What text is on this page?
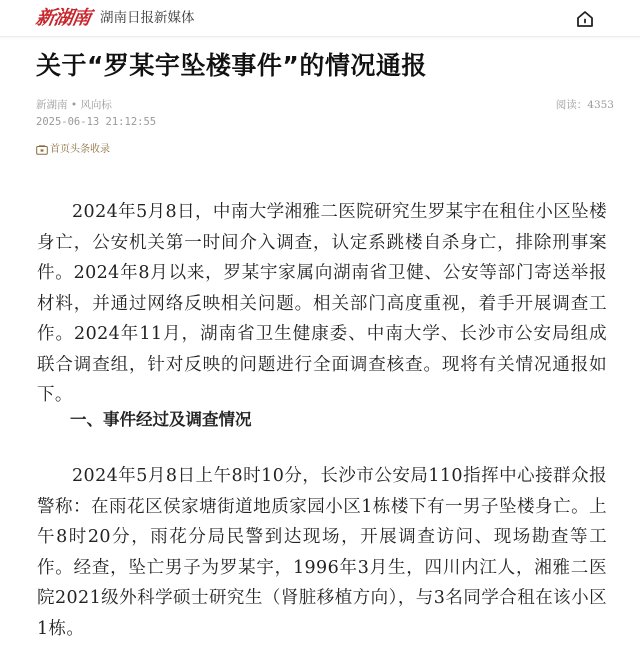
新湖南 湖南日报新媒体
关于“罗某宇坠楼事件”的情况通报
新湖南 • 风向标
2025-06-13 21:12:55
阅读：4353
首页头条收录

2024年5月8日，中南大学湘雅二医院研究生罗某宇在租住小区坠楼身亡，公安机关第一时间介入调查，认定系跳楼自杀身亡，排除刑事案件。2024年8月以来，罗某宇家属向湖南省卫健、公安等部门寄送举报材料，并通过网络反映相关问题。相关部门高度重视，着手开展调查工作。2024年11月，湖南省卫生健康委、中南大学、长沙市公安局组成联合调查组，针对反映的问题进行全面调查核查。现将有关情况通报如下。

一、事件经过及调查情况

2024年5月8日上午8时10分，长沙市公安局110指挥中心接群众报警称：在雨花区侯家塘街道地质家园小区1栋楼下有一男子坠楼身亡。上午8时20分，雨花分局民警到达现场，开展调查访问、现场勘查等工作。经查，坠亡男子为罗某宇，1996年3月生，四川内江人，湘雅二医院2021级外科学硕士研究生（肾脏移植方向），与3名同学合租在该小区1栋。
